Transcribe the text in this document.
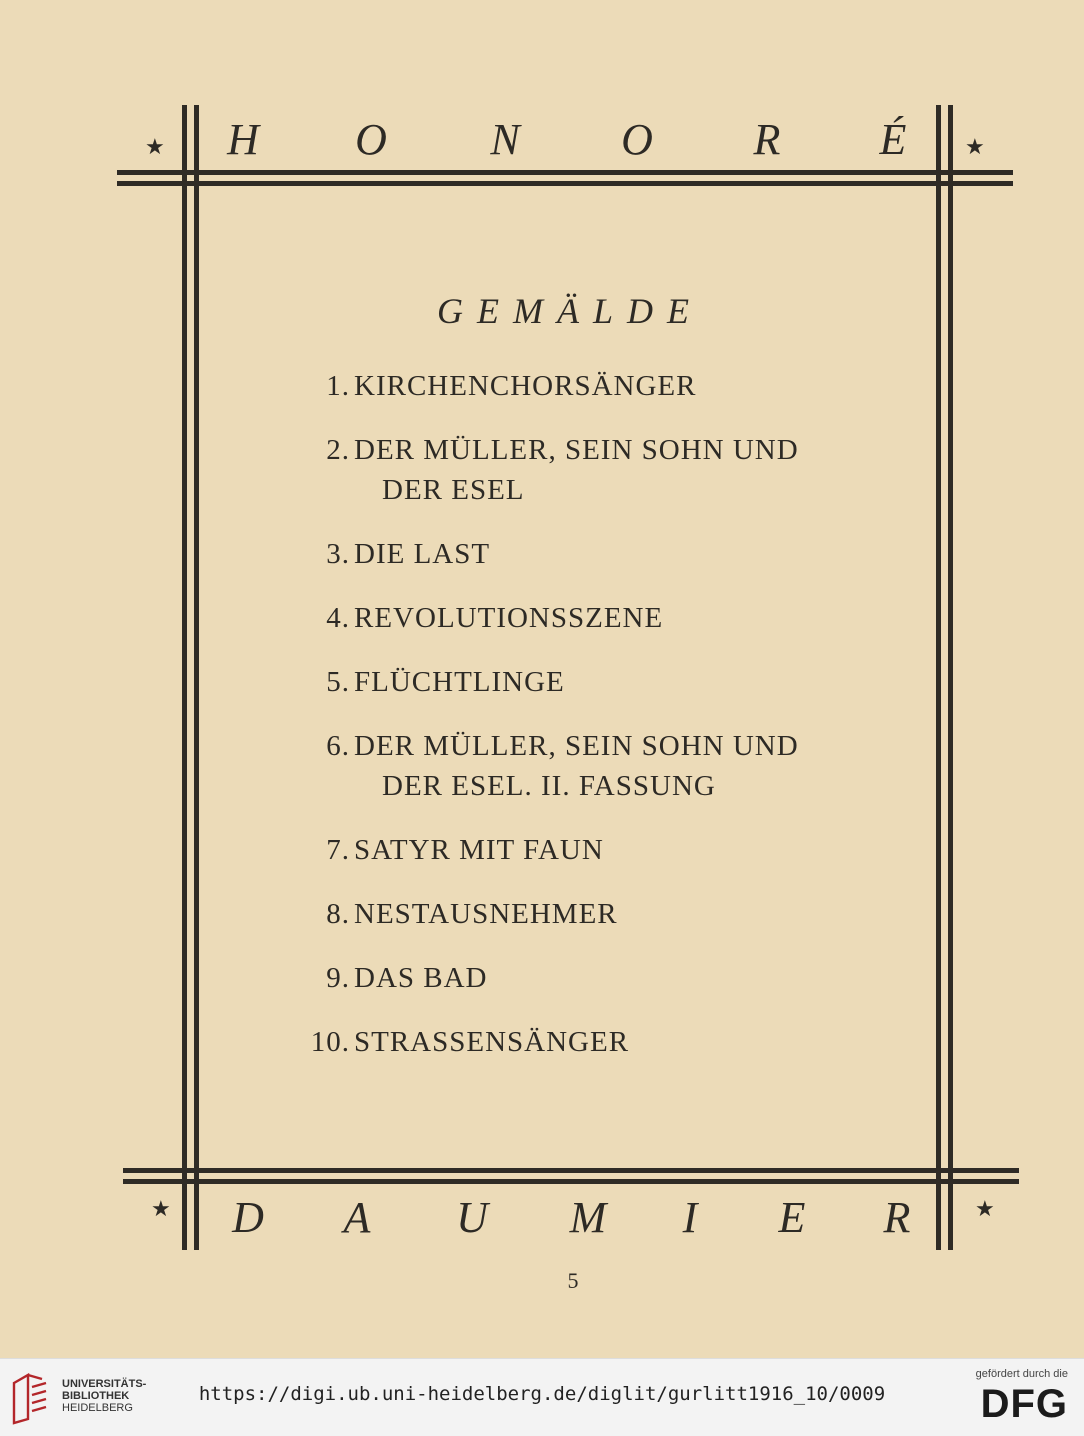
★	★
H O N O R É
GEMÄLDE
1. KIRCHENCHORSÄNGER
2. DER MÜLLER, SEIN SOHN UND
DER ESEL
3. DIE LAST
4. REVOLUTIONSSZENE
5. FLÜCHTLINGE
6. DER MÜLLER, SEIN SOHN UND
DER ESEL. II. FASSUNG
7. SATYR MIT FAUN
8. NESTAUSNEHMER
9. DAS BAD
10. STRASSENSÄNGER
★	★
D A U M I E R
5
UNIVERSITÄTS-
BIBLIOTHEK
HEIDELBERG
https://digi.ub.uni-heidelberg.de/diglit/gurlitt1916_10/0009
gefördert durch die
DFG
